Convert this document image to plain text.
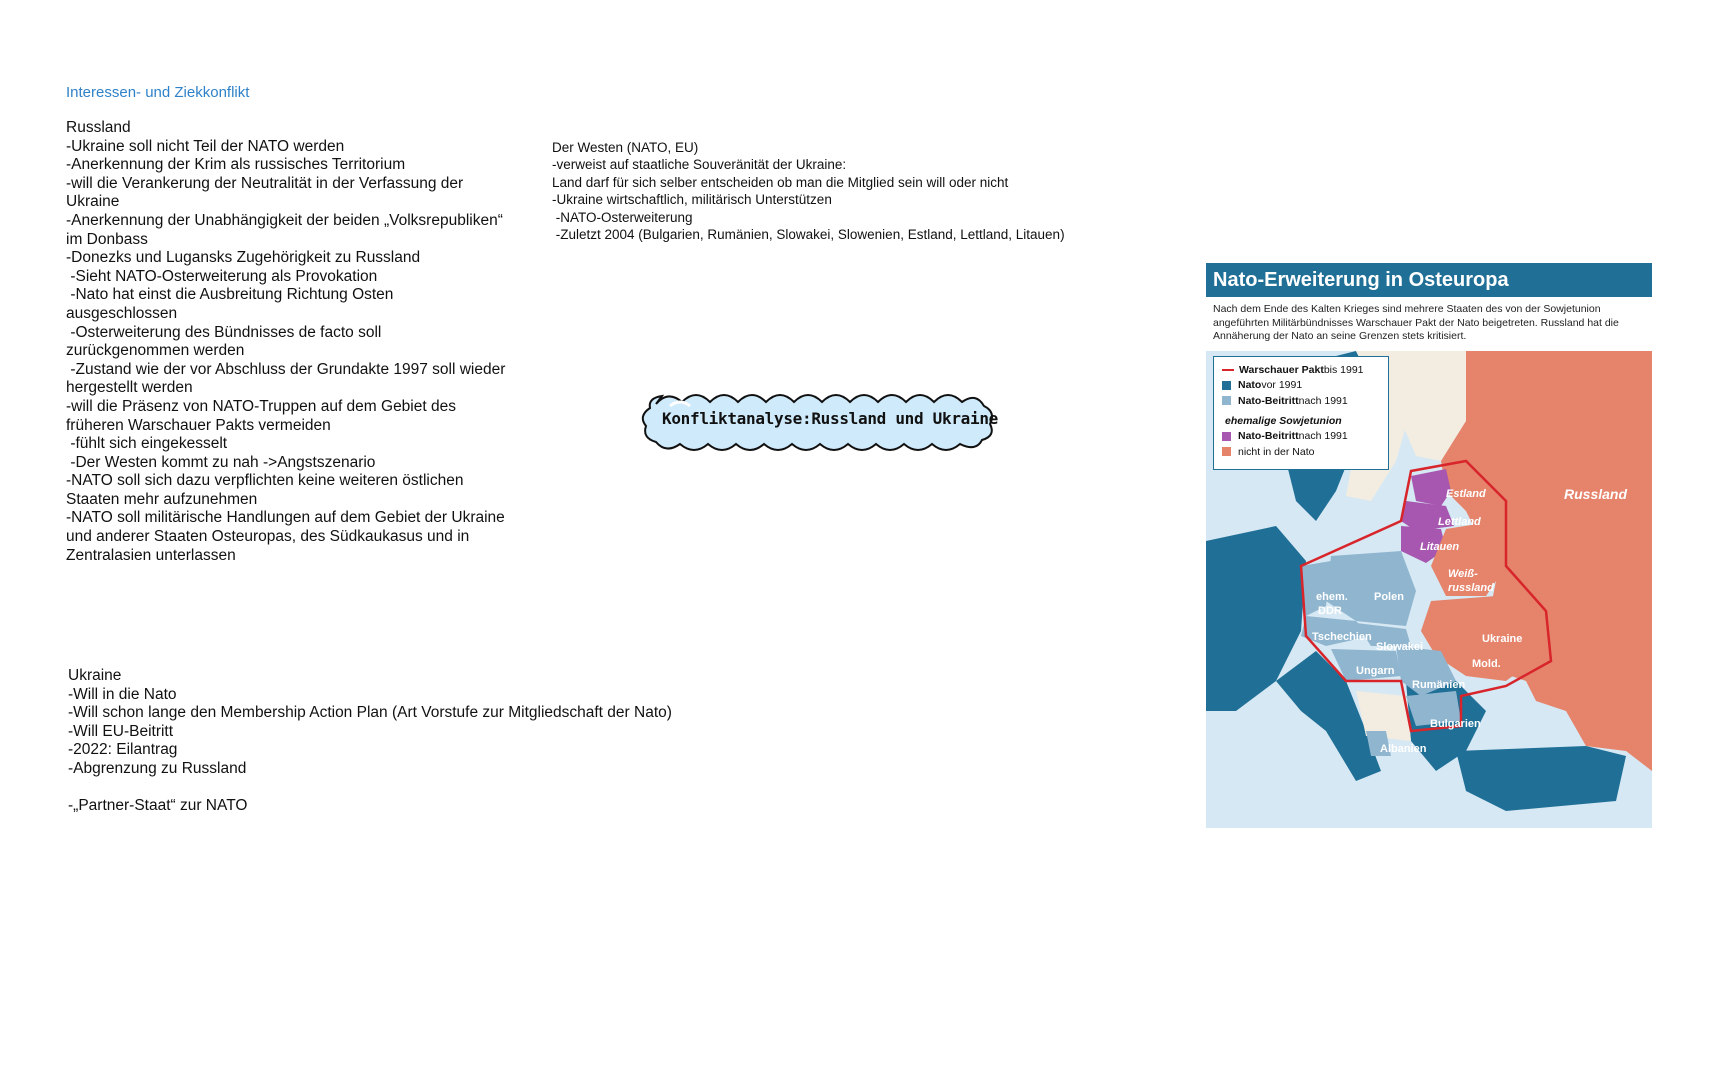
Interessen- und Ziekkonflikt
Russland
-Ukraine soll nicht Teil der NATO werden
-Anerkennung der Krim als russisches Territorium
-will die Verankerung der Neutralität in der Verfassung der Ukraine
-Anerkennung der Unabhängigkeit der beiden „Volksrepubliken“ im Donbass
-Donezks und Lugansks Zugehörigkeit zu Russland
-Sieht NATO-Osterweiterung als Provokation
-Nato hat einst die Ausbreitung Richtung Osten ausgeschlossen
-Osterweiterung des Bündnisses de facto soll zurückgenommen werden
-Zustand wie der vor Abschluss der Grundakte 1997 soll wieder hergestellt werden
-will die Präsenz von NATO-Truppen auf dem Gebiet des früheren Warschauer Pakts vermeiden
-fühlt sich eingekesselt
-Der Westen kommt zu nah ->Angstszenario
-NATO soll sich dazu verpflichten keine weiteren östlichen Staaten mehr aufzunehmen
-NATO soll militärische Handlungen auf dem Gebiet der Ukraine und anderer Staaten Osteuropas, des Südkaukasus und in Zentralasien unterlassen
Der Westen (NATO, EU)
-verweist auf staatliche Souveränität der Ukraine:
Land darf für sich selber entscheiden ob man die Mitglied sein will oder nicht
-Ukraine wirtschaftlich, militärisch Unterstützen
-NATO-Osterweiterung
-Zuletzt 2004 (Bulgarien, Rumänien, Slowakei, Slowenien, Estland, Lettland, Litauen)
Ukraine
-Will in die Nato
-Will schon lange den Membership Action Plan (Art Vorstufe zur Mitgliedschaft der Nato)
-Will EU-Beitritt
-2022: Eilantrag
-Abgrenzung zu Russland
-„Partner-Staat“ zur NATO
Konfliktanalyse:Russland und Ukraine
Nato-Erweiterung in Osteuropa
Nach dem Ende des Kalten Krieges sind mehrere Staaten des von der Sowjetunion angeführten Militärbündnisses Warschauer Pakt der Nato beigetreten. Russland hat die Annäherung der Nato an seine Grenzen stets kritisiert.
Warschauer Pakt bis 1991
Nato vor 1991
Nato-Beitritt nach 1991
ehemalige Sowjetunion
Nato-Beitritt nach 1991
nicht in der Nato
Russland
Estland
Lettland
Litauen
Weiß-
russland
ehem.
DDR
Polen
Tschechien
Slowakei
Ukraine
Mold.
Ungarn
Rumänien
Bulgarien
Albanien
